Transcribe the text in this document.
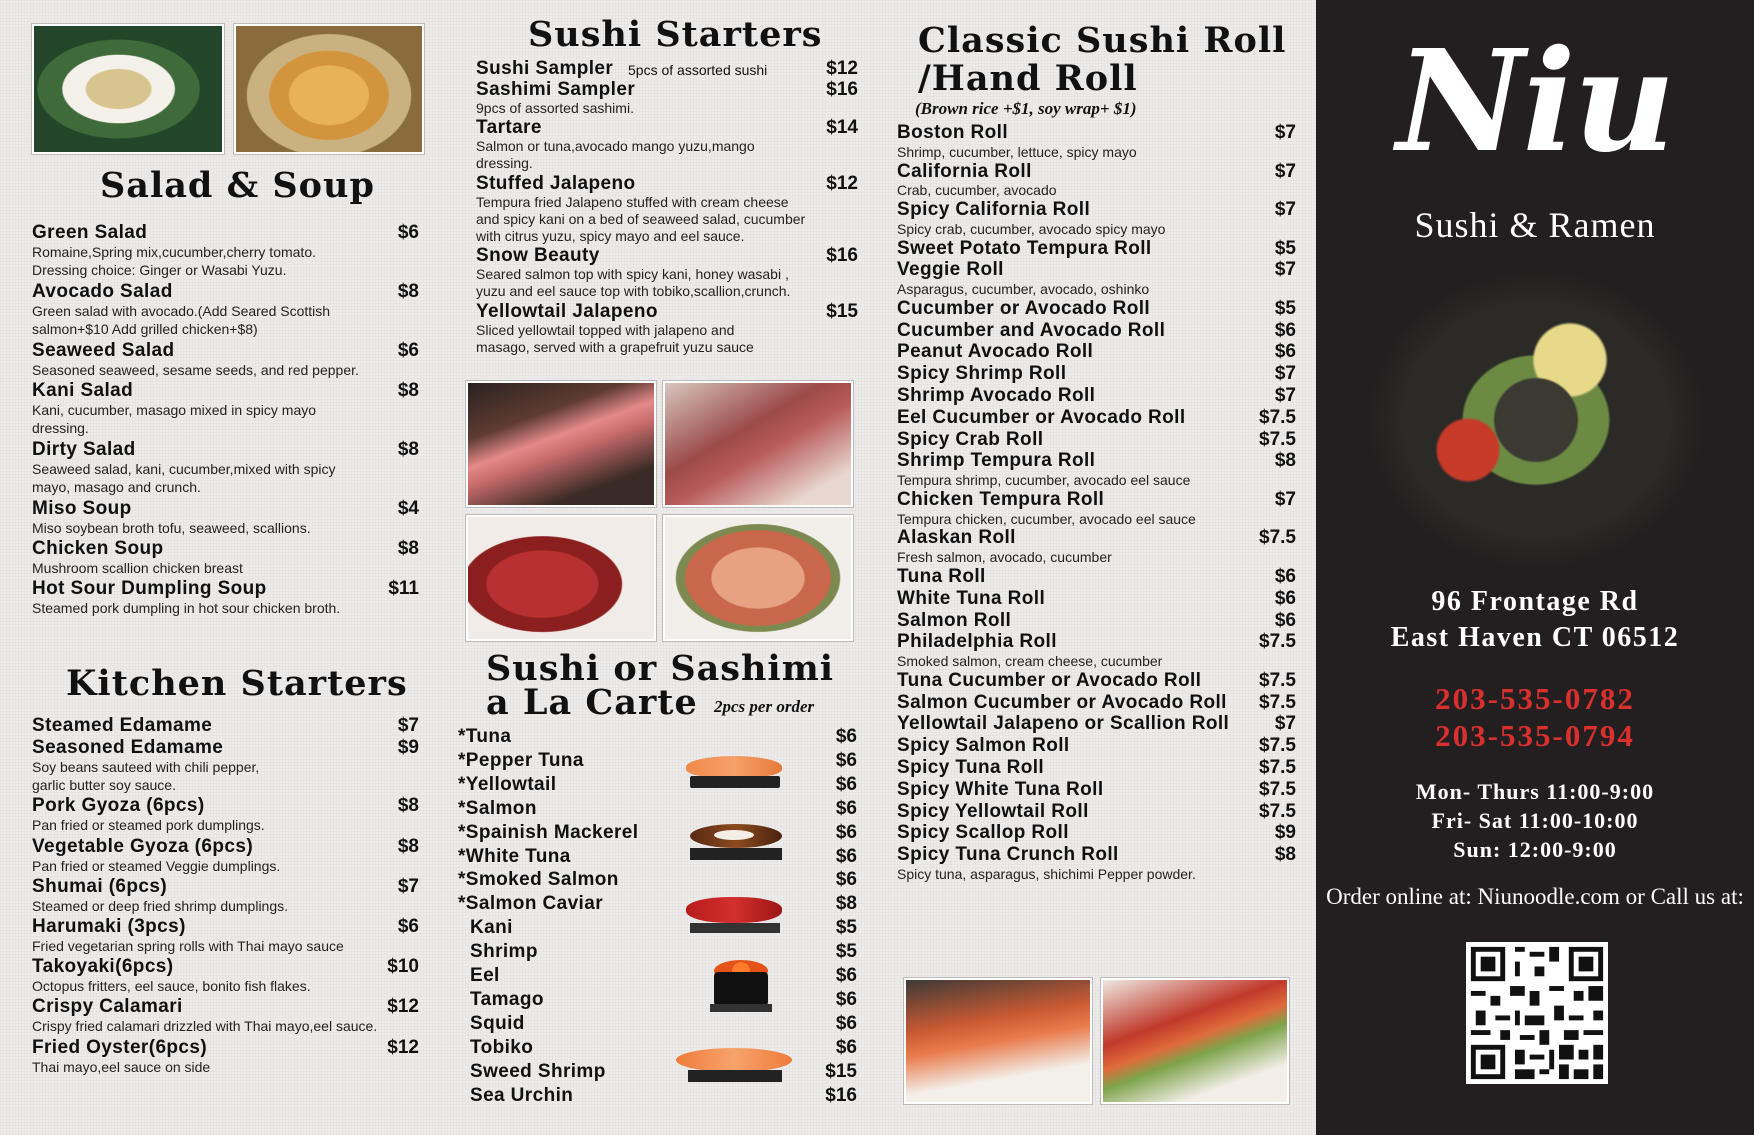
Salad & Soup
Kitchen Starters
Sushi Starters
Sushi or Sashimi
a La Carte 2pcs per order
Classic Sushi Roll
/Hand Roll
(Brown rice +$1, soy wrap+ $1)
Green Salad	$6
Romaine,Spring mix,cucumber,cherry tomato.
Dressing choice: Ginger or Wasabi Yuzu.
Avocado Salad	$8
Green salad with avocado.(Add Seared Scottish
salmon+$10 Add grilled chicken+$8)
Seaweed Salad	$6
Seasoned seaweed, sesame seeds, and red pepper.
Kani Salad	$8
Kani, cucumber, masago mixed in spicy mayo
dressing.
Dirty Salad	$8
Seaweed salad, kani, cucumber,mixed with spicy
mayo, masago and crunch.
Miso Soup	$4
Miso soybean broth tofu, seaweed, scallions.
Chicken Soup	$8
Mushroom scallion chicken breast
Hot Sour Dumpling Soup	$11
Steamed pork dumpling in hot sour chicken broth.
Steamed Edamame	$7
Seasoned Edamame	$9
Soy beans sauteed with chili pepper,
garlic butter soy sauce.
Pork Gyoza (6pcs)	$8
Pan fried or steamed pork dumplings.
Vegetable Gyoza (6pcs)	$8
Pan fried or steamed Veggie dumplings.
Shumai (6pcs)	$7
Steamed or deep fried shrimp dumplings.
Harumaki (3pcs)	$6
Fried vegetarian spring rolls with Thai mayo sauce
Takoyaki(6pcs)	$10
Octopus fritters, eel sauce, bonito fish flakes.
Crispy Calamari	$12
Crispy fried calamari drizzled with Thai mayo,eel sauce.
Fried Oyster(6pcs)	$12
Thai mayo,eel sauce on side
Sushi Sampler 5pcs of assorted sushi	$12
Sashimi Sampler	$16
9pcs of assorted sashimi.
Tartare	$14
Salmon or tuna,avocado mango yuzu,mango
dressing.
Stuffed Jalapeno	$12
Tempura fried Jalapeno stuffed with cream cheese
and spicy kani on a bed of seaweed salad, cucumber
with citrus yuzu, spicy mayo and eel sauce.
Snow Beauty	$16
Seared salmon top with spicy kani, honey wasabi ,
yuzu and eel sauce top with tobiko,scallion,crunch.
Yellowtail Jalapeno	$15
Sliced yellowtail topped with jalapeno and
masago, served with a grapefruit yuzu sauce
*Tuna	$6
*Pepper Tuna	$6
*Yellowtail	$6
*Salmon	$6
*Spainish Mackerel	$6
*White Tuna	$6
*Smoked Salmon	$6
*Salmon Caviar	$8
Kani	$5
Shrimp	$5
Eel	$6
Tamago	$6
Squid	$6
Tobiko	$6
Sweed Shrimp	$15
Sea Urchin	$16
Boston Roll	$7
Shrimp, cucumber, lettuce, spicy mayo
California Roll	$7
Crab, cucumber, avocado
Spicy California Roll	$7
Spicy crab, cucumber, avocado spicy mayo
Sweet Potato Tempura Roll	$5
Veggie Roll	$7
Asparagus, cucumber, avocado, oshinko
Cucumber or Avocado Roll	$5
Cucumber and Avocado Roll	$6
Peanut Avocado Roll	$6
Spicy Shrimp Roll	$7
Shrimp Avocado Roll	$7
Eel Cucumber or Avocado Roll	$7.5
Spicy Crab Roll	$7.5
Shrimp Tempura Roll	$8
Tempura shrimp, cucumber, avocado eel sauce
Chicken Tempura Roll	$7
Tempura chicken, cucumber, avocado eel sauce
Alaskan Roll	$7.5
Fresh salmon, avocado, cucumber
Tuna Roll	$6
White Tuna Roll	$6
Salmon Roll	$6
Philadelphia Roll	$7.5
Smoked salmon, cream cheese, cucumber
Tuna Cucumber or Avocado Roll	$7.5
Salmon Cucumber or Avocado Roll $7.5
Yellowtail Jalapeno or Scallion Roll $7
Spicy Salmon Roll	$7.5
Spicy Tuna Roll	$7.5
Spicy White Tuna Roll	$7.5
Spicy Yellowtail Roll	$7.5
Spicy Scallop Roll	$9
Spicy Tuna Crunch Roll	$8
Spicy tuna, asparagus, shichimi Pepper powder.
Niu
Sushi & Ramen
96 Frontage Rd
East Haven CT 06512
203-535-0782
203-535-0794
Mon- Thurs 11:00-9:00
Fri- Sat 11:00-10:00
Sun: 12:00-9:00
Order online at: Niunoodle.com or Call us at:
